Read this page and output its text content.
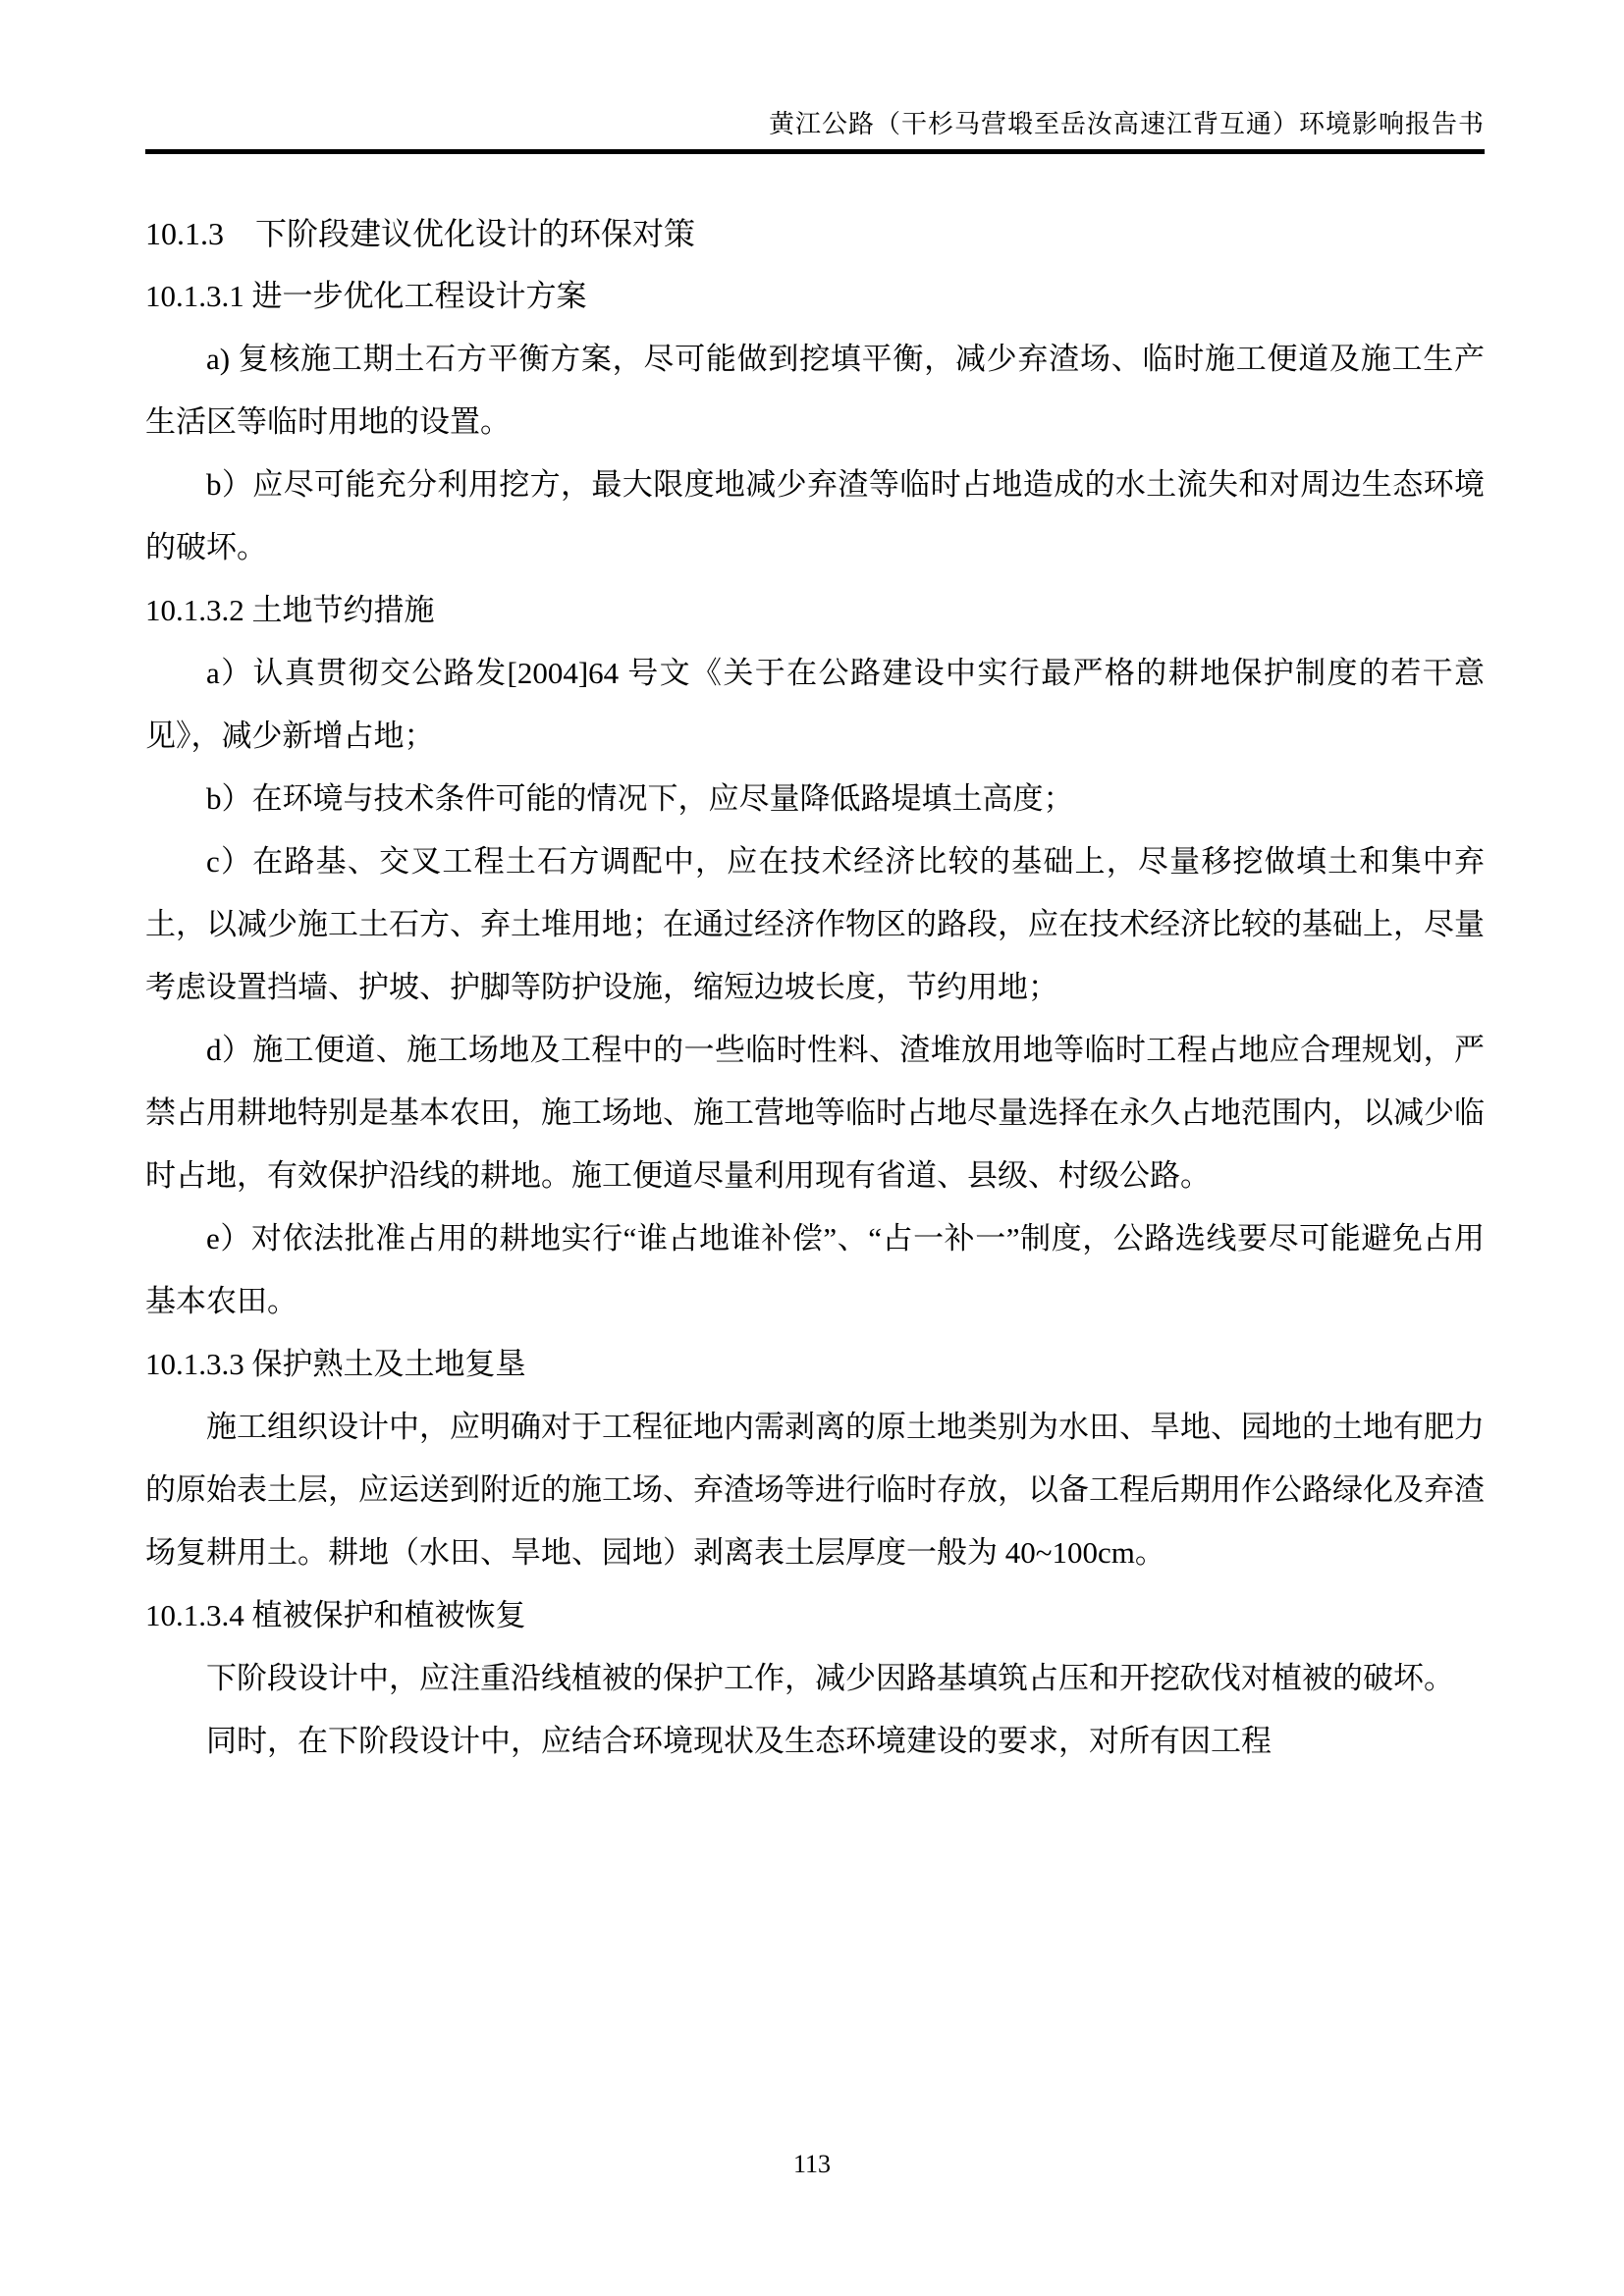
黄江公路（干杉马营塅至岳汝高速江背互通）环境影响报告书
10.1.3　下阶段建议优化设计的环保对策
10.1.3.1 进一步优化工程设计方案
a) 复核施工期土石方平衡方案，尽可能做到挖填平衡，减少弃渣场、临时施工便道及施工生产生活区等临时用地的设置。
b）应尽可能充分利用挖方，最大限度地减少弃渣等临时占地造成的水土流失和对周边生态环境的破坏。
10.1.3.2 土地节约措施
a）认真贯彻交公路发[2004]64 号文《关于在公路建设中实行最严格的耕地保护制度的若干意见》，减少新增占地；
b）在环境与技术条件可能的情况下，应尽量降低路堤填土高度；
c）在路基、交叉工程土石方调配中，应在技术经济比较的基础上，尽量移挖做填土和集中弃土，以减少施工土石方、弃土堆用地；在通过经济作物区的路段，应在技术经济比较的基础上，尽量考虑设置挡墙、护坡、护脚等防护设施，缩短边坡长度，节约用地；
d）施工便道、施工场地及工程中的一些临时性料、渣堆放用地等临时工程占地应合理规划，严禁占用耕地特别是基本农田，施工场地、施工营地等临时占地尽量选择在永久占地范围内，以减少临时占地，有效保护沿线的耕地。施工便道尽量利用现有省道、县级、村级公路。
e）对依法批准占用的耕地实行“谁占地谁补偿”、“占一补一”制度，公路选线要尽可能避免占用基本农田。
10.1.3.3 保护熟土及土地复垦
施工组织设计中，应明确对于工程征地内需剥离的原土地类别为水田、旱地、园地的土地有肥力的原始表土层，应运送到附近的施工场、弃渣场等进行临时存放，以备工程后期用作公路绿化及弃渣场复耕用土。耕地（水田、旱地、园地）剥离表土层厚度一般为 40~100cm。
10.1.3.4 植被保护和植被恢复
下阶段设计中，应注重沿线植被的保护工作，减少因路基填筑占压和开挖砍伐对植被的破坏。
同时，在下阶段设计中，应结合环境现状及生态环境建设的要求，对所有因工程
113
